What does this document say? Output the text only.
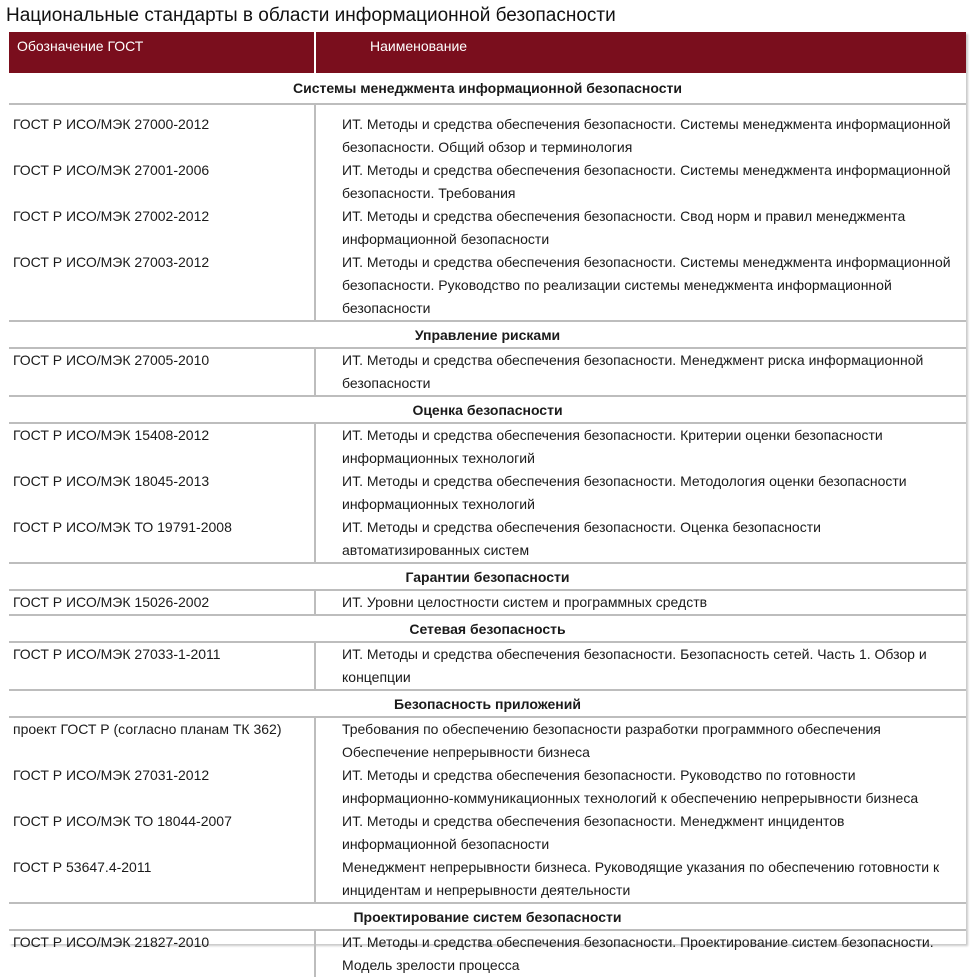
Национальные стандарты в области информационной безопасности
Обозначение ГОСТ	Наименование

Системы менеджмента информационной безопасности	
ГОСТ Р ИСО/МЭК 27000-2012	ИТ. Методы и средства обеспечения безопасности. Системы менеджмента информационной безопасности. Общий обзор и терминология
ГОСТ Р ИСО/МЭК 27001-2006	ИТ. Методы и средства обеспечения безопасности. Системы менеджмента информационной безопасности. Требования
ГОСТ Р ИСО/МЭК 27002-2012	ИТ. Методы и средства обеспечения безопасности. Свод норм и правил менеджмента информационной безопасности
ГОСТ Р ИСО/МЭК 27003-2012	ИТ. Методы и средства обеспечения безопасности. Системы менеджмента информационной безопасности. Руководство по реализации системы менеджмента информационной безопасности
Управление рисками	
ГОСТ Р ИСО/МЭК 27005-2010	ИТ. Методы и средства обеспечения безопасности. Менеджмент риска информационной безопасности
Оценка безопасности	
ГОСТ Р ИСО/МЭК 15408-2012	ИТ. Методы и средства обеспечения безопасности. Критерии оценки безопасности информационных технологий
ГОСТ Р ИСО/МЭК 18045-2013	ИТ. Методы и средства обеспечения безопасности. Методология оценки безопасности информационных технологий
ГОСТ Р ИСО/МЭК ТО 19791-2008	ИТ. Методы и средства обеспечения безопасности. Оценка безопасности автоматизированных систем
Гарантии безопасности	
ГОСТ Р ИСО/МЭК 15026-2002	ИТ. Уровни целостности систем и программных средств
Сетевая безопасность	
ГОСТ Р ИСО/МЭК 27033-1-2011	ИТ. Методы и средства обеспечения безопасности. Безопасность сетей. Часть 1. Обзор и концепции
Безопасность приложений	
проект ГОСТ Р (согласно планам ТК 362)	Требования по обеспечению безопасности разработки программного обеспечения Обеспечение непрерывности бизнеса
ГОСТ Р ИСО/МЭК 27031-2012	ИТ. Методы и средства обеспечения безопасности. Руководство по готовности информационно-коммуникационных технологий к обеспечению непрерывности бизнеса
ГОСТ Р ИСО/МЭК ТО 18044-2007	ИТ. Методы и средства обеспечения безопасности. Менеджмент инцидентов информационной безопасности
ГОСТ Р 53647.4-2011	Менеджмент непрерывности бизнеса. Руководящие указания по обеспечению готовности к инцидентам и непрерывности деятельности
Проектирование систем безопасности	
ГОСТ Р ИСО/МЭК 21827-2010	ИТ. Методы и средства обеспечения безопасности. Проектирование систем безопасности. Модель зрелости процесса
